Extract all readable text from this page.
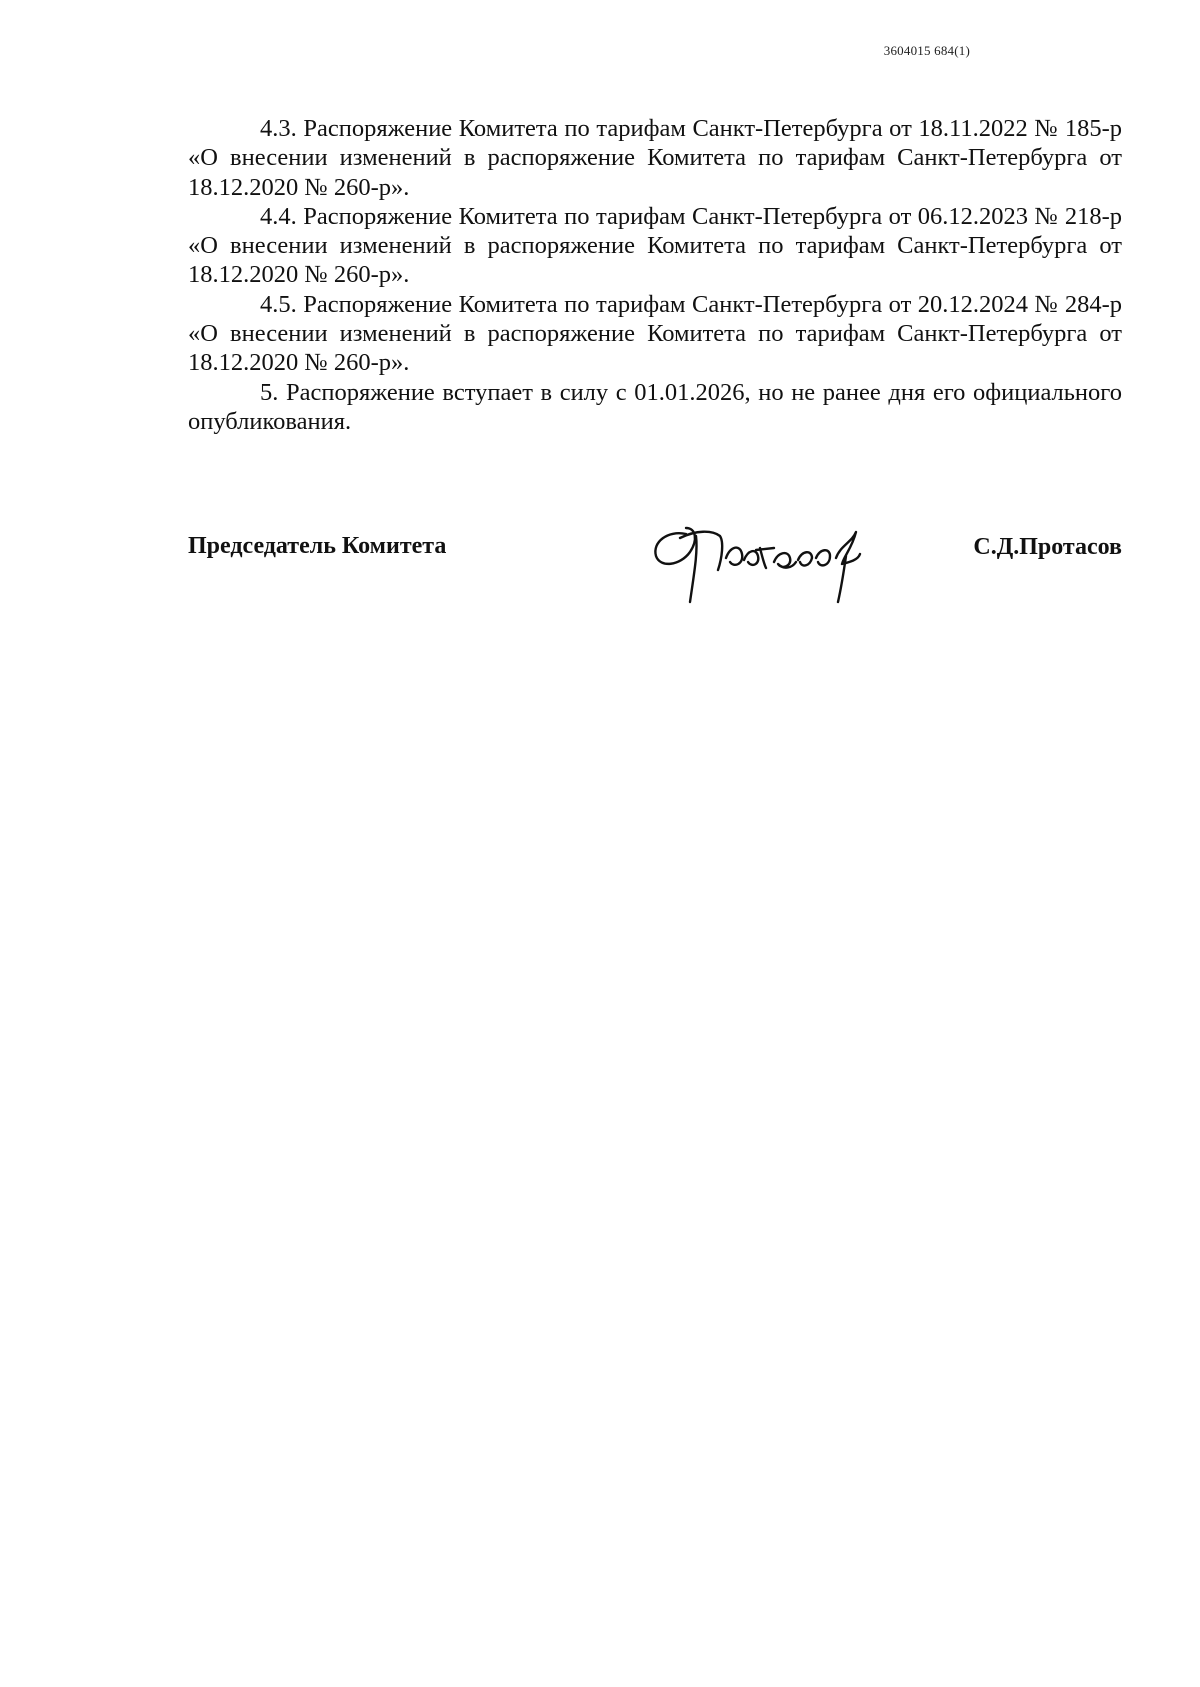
3604015 684(1)

4.3. Распоряжение Комитета по тарифам Санкт-Петербурга от 18.11.2022 № 185-р «О внесении изменений в распоряжение Комитета по тарифам Санкт-Петербурга от 18.12.2020 № 260-р».

4.4. Распоряжение Комитета по тарифам Санкт-Петербурга от 06.12.2023 № 218-р «О внесении изменений в распоряжение Комитета по тарифам Санкт-Петербурга от 18.12.2020 № 260-р».

4.5. Распоряжение Комитета по тарифам Санкт-Петербурга от 20.12.2024 № 284-р «О внесении изменений в распоряжение Комитета по тарифам Санкт-Петербурга от 18.12.2020 № 260-р».

5. Распоряжение вступает в силу с 01.01.2026, но не ранее дня его официального опубликования.

Председатель Комитета	С.Д.Протасов
